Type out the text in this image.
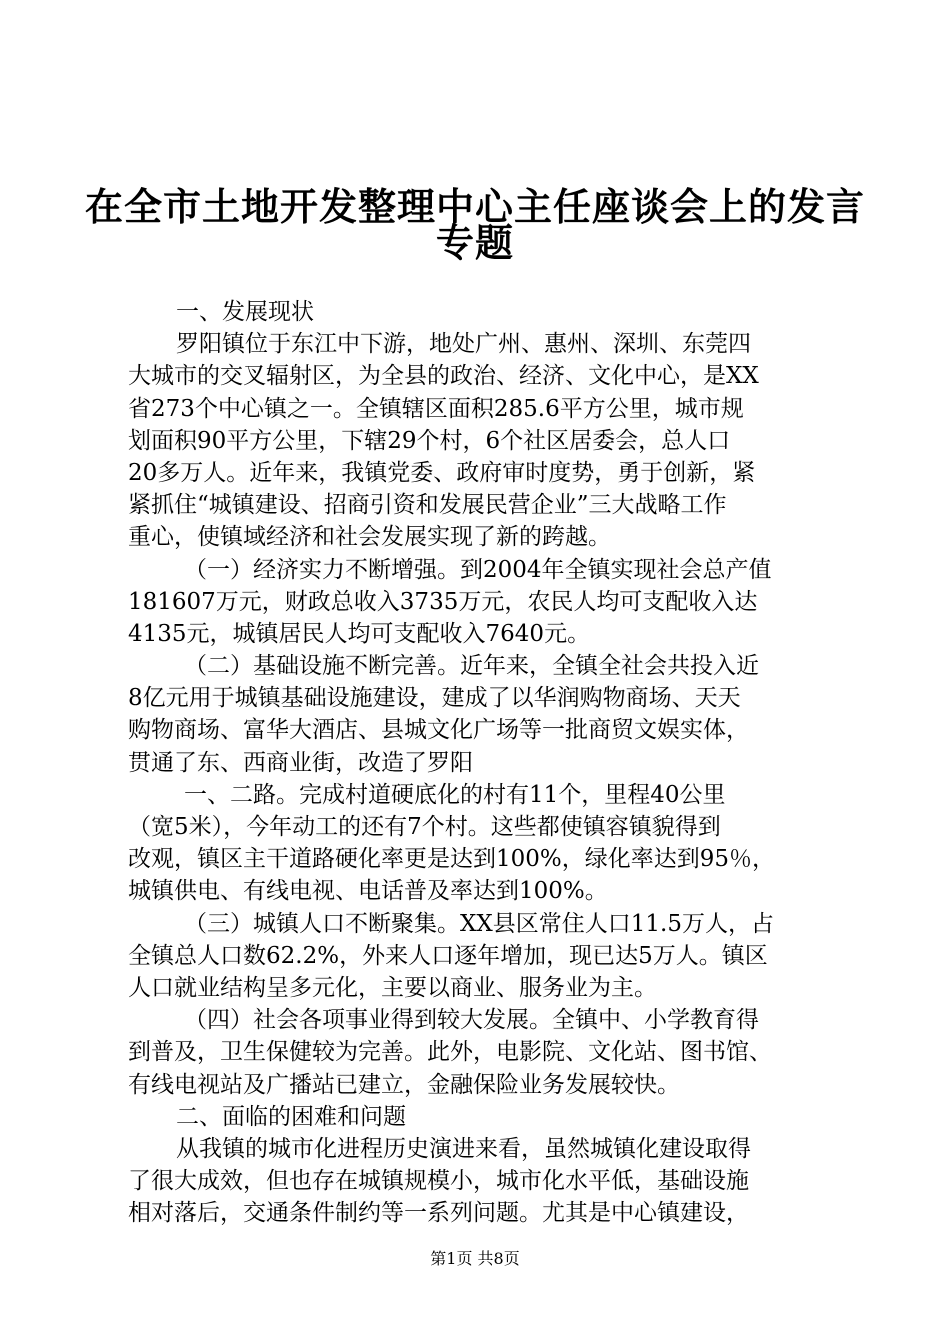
在全市土地开发整理中心主任座谈会上的发言
专题
一、发展现状
罗阳镇位于东江中下游，地处广州、惠州、深圳、东莞四
大城市的交叉辐射区，为全县的政治、经济、文化中心，是XX
省273个中心镇之一。全镇辖区面积285.6平方公里，城市规
划面积90平方公里，下辖29个村，6个社区居委会，总人口
20多万人。近年来，我镇党委、政府审时度势，勇于创新，紧
紧抓住“城镇建设、招商引资和发展民营企业”三大战略工作
重心，使镇域经济和社会发展实现了新的跨越。
（一）经济实力不断增强。到2004年全镇实现社会总产值
181607万元，财政总收入3735万元，农民人均可支配收入达
4135元，城镇居民人均可支配收入7640元。
（二）基础设施不断完善。近年来，全镇全社会共投入近
8亿元用于城镇基础设施建设，建成了以华润购物商场、天天
购物商场、富华大酒店、县城文化广场等一批商贸文娱实体，
贯通了东、西商业街，改造了罗阳
一、二路。完成村道硬底化的村有11个，里程40公里
（宽5米），今年动工的还有7个村。这些都使镇容镇貌得到
改观，镇区主干道路硬化率更是达到100%，绿化率达到95％，
城镇供电、有线电视、电话普及率达到100%。
（三）城镇人口不断聚集。XX县区常住人口11.5万人，占
全镇总人口数62.2%，外来人口逐年增加，现已达5万人。镇区
人口就业结构呈多元化，主要以商业、服务业为主。
（四）社会各项事业得到较大发展。全镇中、小学教育得
到普及，卫生保健较为完善。此外，电影院、文化站、图书馆、
有线电视站及广播站已建立，金融保险业务发展较快。
二、面临的困难和问题
从我镇的城市化进程历史演进来看，虽然城镇化建设取得
了很大成效，但也存在城镇规模小，城市化水平低，基础设施
相对落后，交通条件制约等一系列问题。尤其是中心镇建设，
第1页 共8页
